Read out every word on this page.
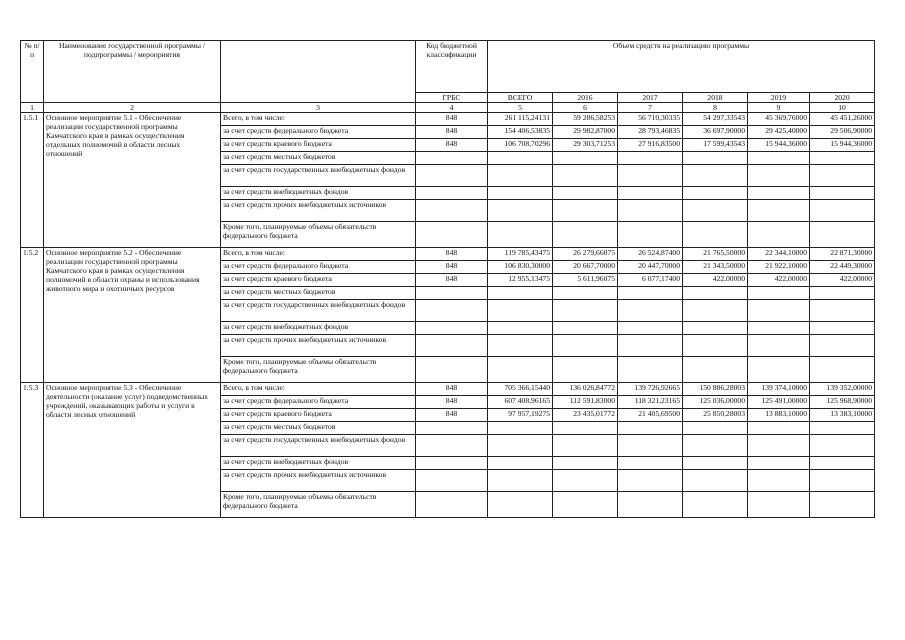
№ п/п	Наименование государственной программы / подпрограммы / мероприятия		Код бюджетной классификации	Объем средств на реализацию программы					
			ГРБС	ВСЕГО	2016	2017	2018	2019	2020
1	2	3	4	5	6	7	8	9	10
1.5.1	Основное мероприятие 5.1 - Обеспечение реализации государственной программы Камчатского края в рамках осуществления отдельных полномочий в области лесных отношений	Всего, в том числе:	848	261 115,24131	59 286,58253	56 710,30335	54 297,33543	45 369,76000	45 451,26000
		за счет средств федерального бюджета	848	154 406,53835	29 982,87000	28 793,46835	36 697,90000	29 425,40000	29 506,90000
		за счет средств краевого бюджета	848	106 708,70296	29 303,71253	27 916,83500	17 599,43543	15 944,36000	15 944,36000
		за счет средств местных бюджетов							
		за счет средств государственных внебюджетных фондов							
		за счет средств внебюджетных фондов							
		за счет средств прочих внебюджетных источников							
		Кроме того, планируемые объемы обязательств федерального бюджета							
1.5.2	Основное мероприятие 5.2 - Обеспечение реализации государственной программы Камчатского края в рамках осуществления полномочий в области охраны и использования животного мира и охотничьих ресурсов	Всего, в том числе:	848	119 785,43475	26 279,66075	26 524,87400	21 765,50000	22 344,10000	22 871,30000
		за счет средств федерального бюджета	848	106 830,30000	20 667,70000	20 447,70000	21 343,50000	21 922,10000	22 449,30000
		за счет средств краевого бюджета	848	12 955,13475	5 611,96075	6 077,17400	422,00000	422,00000	422,00000
		за счет средств местных бюджетов							
		за счет средств государственных внебюджетных фондов							
		за счет средств внебюджетных фондов							
		за счет средств прочих внебюджетных источников							
		Кроме того, планируемые объемы обязательств федерального бюджета							
1.5.3	Основное мероприятие 5.3 - Обеспечение деятельности (оказание услуг) подведомственных учреждений, оказывающих работы и услуги в области лесных отношений	Всего, в том числе:	848	705 366,15440	136 026,84772	139 726,92665	150 886,28003	139 374,10000	139 352,00000
		за счет средств федерального бюджета	848	607 408,96165	112 591,83000	118 321,23165	125 036,00000	125 491,00000	125 968,90000
		за счет средств краевого бюджета	848	97 957,19275	23 435,01772	21 405,69500	25 850,28003	13 883,10000	13 383,10000
		за счет средств местных бюджетов							
		за счет средств государственных внебюджетных фондов							
		за счет средств внебюджетных фондов							
		за счет средств прочих внебюджетных источников							
		Кроме того, планируемые объемы обязательств федерального бюджета							
